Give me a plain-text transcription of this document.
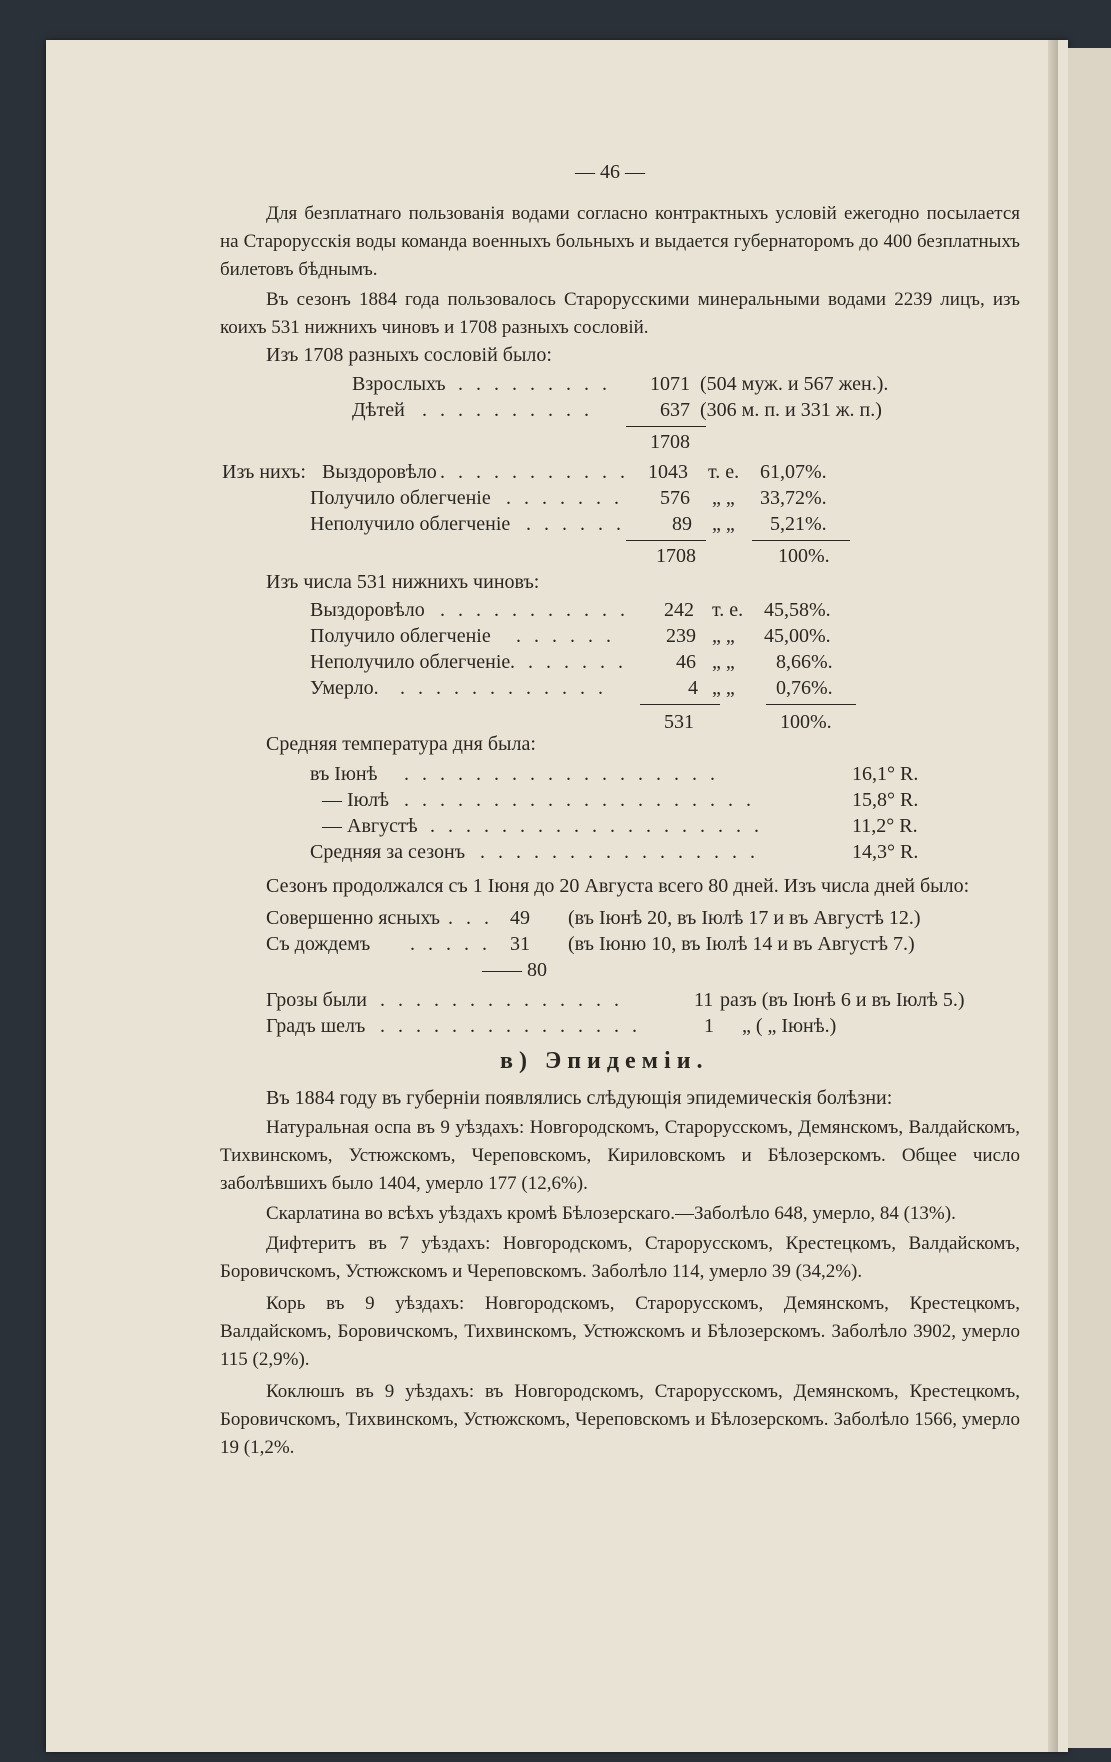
— 46 —
Для безплатнаго пользованія водами согласно контрактныхъ условій ежегодно посылается на Старорусскія воды команда военныхъ больныхъ и выдается губернаторомъ до 400 безплатныхъ билетовъ бѣднымъ.
Въ сезонъ 1884 года пользовалось Старорусскими минеральными водами 2239 лицъ, изъ коихъ 531 нижнихъ чиновъ и 1708 разныхъ сословій.
Изъ 1708 разныхъ сословій было:
Взрослыхъ . . . . . . . . . 1071 (504 муж. и 567 жен.).
Дѣтей . . . . . . . . . .	637 (306 м. п. и 331 ж. п.)
1708
Изъ нихъ: Выздоровѣло . . . . . . . . . . . 1043 т. е. 61,07%.
Получило облегченіе . . . . . . . 576 „ „ 33,72%.
Неполучило облегченіе . . . . . . 89 „ „ 5,21%.
1708	100%.
Изъ числа 531 нижнихъ чиновъ:
Выздоровѣло . . . . . . . . . . . 242 т. е. 45,58%.
Получило облегченіе . . . . . .	239 „ „ 45,00%.
Неполучило облегченіе . . . . . . . 46 „ „ 8,66%.
Умерло. . . . . . . . . . . . .	4 „ „ 0,76%.
531	100%.
Средняя температура дня была:
въ Іюнѣ . . . . . . . . . . . . . . . . . .	16,1° R.
— Іюлѣ . . . . . . . . . . . . . . . . . . . .	15,8° R.
— Августѣ . . . . . . . . . . . . . . . . . . .	11,2° R.
Средняя за сезонъ . . . . . . . . . . . . . . . .	14,3° R.
Сезонъ продолжался съ 1 Іюня до 20 Августа всего 80 дней. Изъ числа дней было:
Совершенно ясныхъ . . . 49 (въ Іюнѣ 20, въ Іюлѣ 17 и въ Августѣ 12.)
Съ дождемъ . . . . . 31 (въ Іюню 10, въ Іюлѣ 14 и въ Августѣ 7.)
—— 80
Грозы были . . . . . . . . . . . . . .	11 разъ (въ Іюнѣ 6 и въ Іюлѣ 5.)
Градъ шелъ . . . . . . . . . . . . . . .	1 „ ( „ Іюнѣ.)
в) Эпидеміи.
Въ 1884 году въ губерніи появлялись слѣдующія эпидемическія болѣзни:
Натуральная оспа въ 9 уѣздахъ: Новгородскомъ, Старорусскомъ, Демянскомъ, Валдайскомъ, Тихвинскомъ, Устюжскомъ, Череповскомъ, Кириловскомъ и Бѣлозерскомъ. Общее число заболѣвшихъ было 1404, умерло 177 (12,6%).
Скарлатина во всѣхъ уѣздахъ кромѣ Бѣлозерскаго.—Заболѣло 648, умерло, 84 (13%).
Дифтеритъ въ 7 уѣздахъ: Новгородскомъ, Старорусскомъ, Крестецкомъ, Валдайскомъ, Боровичскомъ, Устюжскомъ и Череповскомъ. Заболѣло 114, умерло 39 (34,2%).
Корь въ 9 уѣздахъ: Новгородскомъ, Старорусскомъ, Демянскомъ, Крестецкомъ, Валдайскомъ, Боровичскомъ, Тихвинскомъ, Устюжскомъ и Бѣлозерскомъ. Заболѣло 3902, умерло 115 (2,9%).
Коклюшъ въ 9 уѣздахъ: въ Новгородскомъ, Старорусскомъ, Демянскомъ, Крестецкомъ, Боровичскомъ, Тихвинскомъ, Устюжскомъ, Череповскомъ и Бѣлозерскомъ. Заболѣло 1566, умерло 19 (1,2%.
